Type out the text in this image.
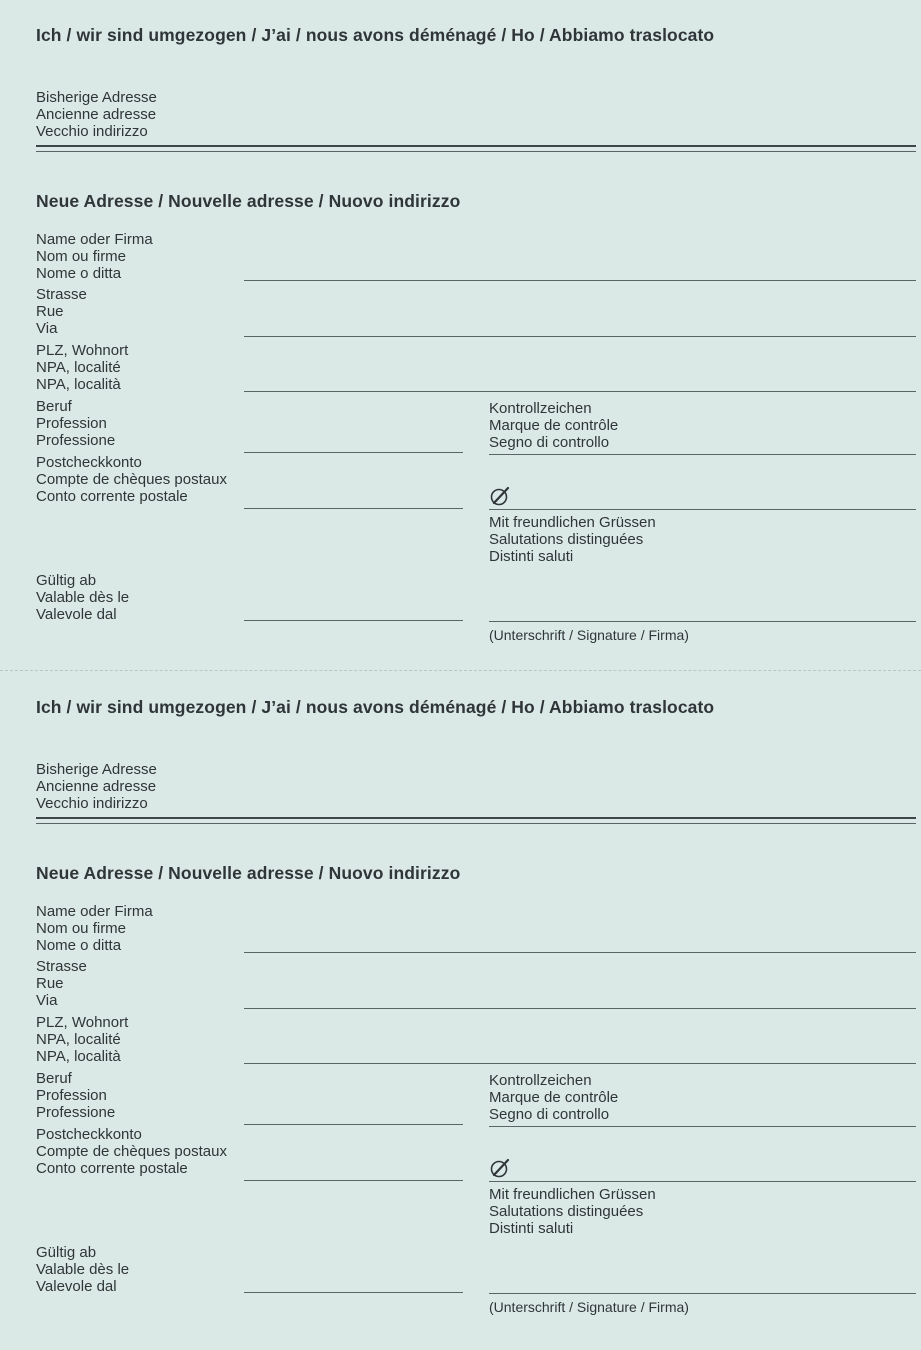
Ich / wir sind umgezogen / J’ai / nous avons déménagé / Ho / Abbiamo traslocato
Bisherige Adresse
Ancienne adresse
Vecchio indirizzo
Neue Adresse / Nouvelle adresse / Nuovo indirizzo
Name oder Firma
Nom ou firme
Nome o ditta
Strasse
Rue
Via
PLZ, Wohnort
NPA, localité
NPA, località
Beruf
Profession
Professione
Kontrollzeichen
Marque de contrôle
Segno di controllo
Postcheckkonto
Compte de chèques postaux
Conto corrente postale
Mit freundlichen Grüssen
Salutations distinguées
Distinti saluti
Gültig ab
Valable dès le
Valevole dal
(Unterschrift / Signature / Firma)
Ich / wir sind umgezogen / J’ai / nous avons déménagé / Ho / Abbiamo traslocato
Bisherige Adresse
Ancienne adresse
Vecchio indirizzo
Neue Adresse / Nouvelle adresse / Nuovo indirizzo
Name oder Firma
Nom ou firme
Nome o ditta
Strasse
Rue
Via
PLZ, Wohnort
NPA, localité
NPA, località
Beruf
Profession
Professione
Kontrollzeichen
Marque de contrôle
Segno di controllo
Postcheckkonto
Compte de chèques postaux
Conto corrente postale
Mit freundlichen Grüssen
Salutations distinguées
Distinti saluti
Gültig ab
Valable dès le
Valevole dal
(Unterschrift / Signature / Firma)
